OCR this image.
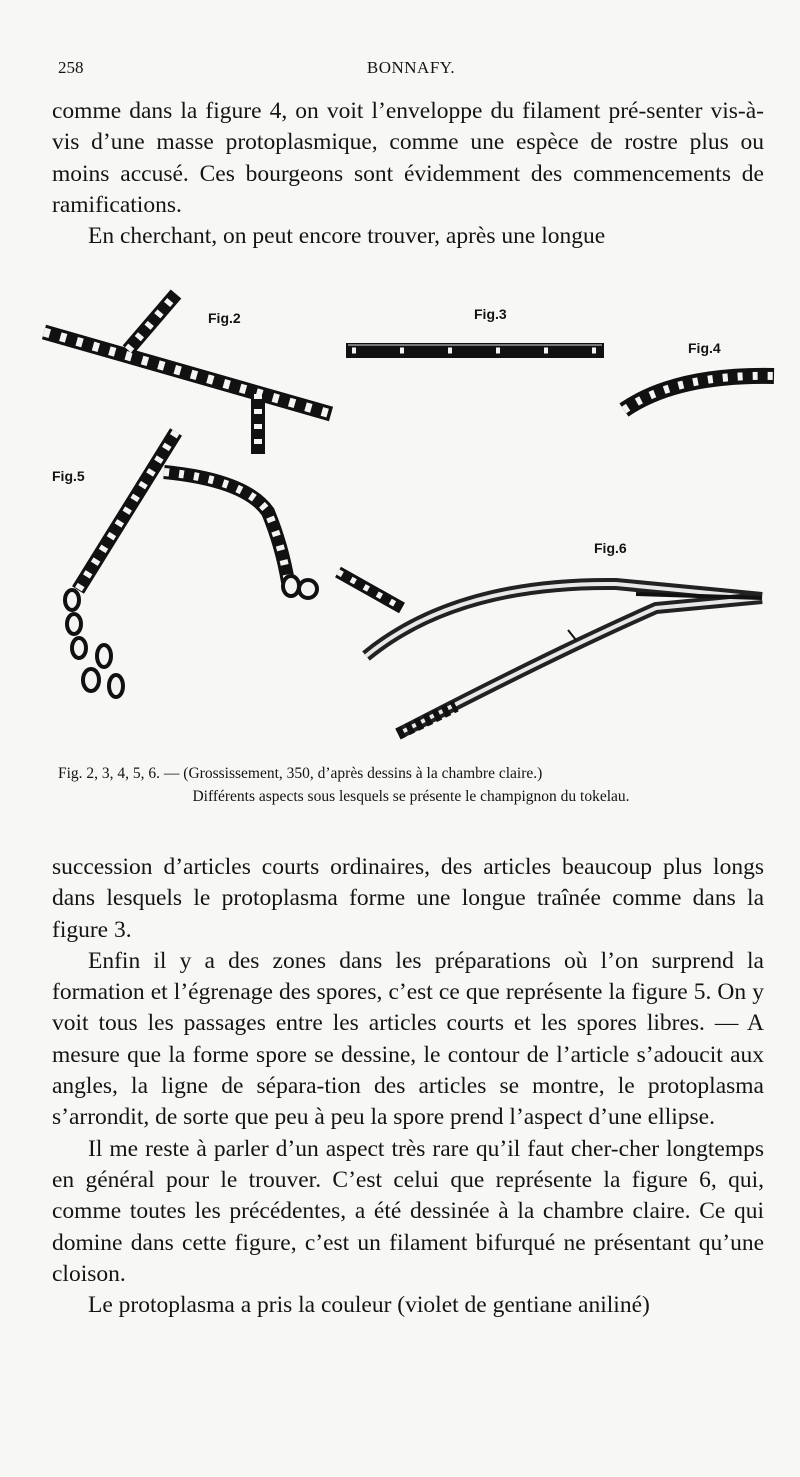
258	BONNAFY.

comme dans la figure 4, on voit l’enveloppe du filament pré-senter vis-à-vis d’une masse protoplasmique, comme une espèce de rostre plus ou moins accusé. Ces bourgeons sont évidemment des commencements de ramifications.

En cherchant, on peut encore trouver, après une longue

Fig.2	Fig.3
Fig.4
Fig.5
Fig.6
Fig. 2, 3, 4, 5, 6. — (Grossissement, 350, d’après dessins à la chambre claire.)
Différents aspects sous lesquels se présente le champignon du tokelau.

succession d’articles courts ordinaires, des articles beaucoup plus longs dans lesquels le protoplasma forme une longue traînée comme dans la figure 3.

Enfin il y a des zones dans les préparations où l’on surprend la formation et l’égrenage des spores, c’est ce que représente la figure 5. On y voit tous les passages entre les articles courts et les spores libres. — A mesure que la forme spore se dessine, le contour de l’article s’adoucit aux angles, la ligne de sépara-tion des articles se montre, le protoplasma s’arrondit, de sorte que peu à peu la spore prend l’aspect d’une ellipse.

Il me reste à parler d’un aspect très rare qu’il faut cher-cher longtemps en général pour le trouver. C’est celui que représente la figure 6, qui, comme toutes les précédentes, a été dessinée à la chambre claire. Ce qui domine dans cette figure, c’est un filament bifurqué ne présentant qu’une cloison.

Le protoplasma a pris la couleur (violet de gentiane aniliné)
